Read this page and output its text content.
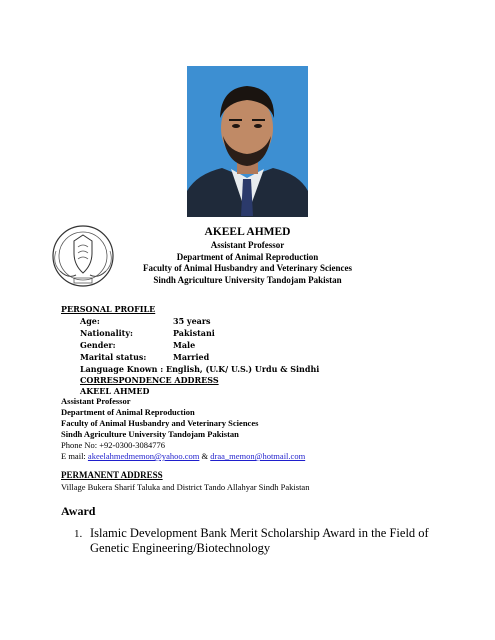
AKEEL AHMED
Assistant Professor
Department of Animal Reproduction
Faculty of Animal Husbandry and Veterinary Sciences
Sindh Agriculture University Tandojam Pakistan
PERSONAL PROFILE
Age:	35 years
Nationality:	Pakistani
Gender:	Male
Marital status:	Married
Language Known : English, (U.K/ U.S.) Urdu & Sindhi
CORRESPONDENCE ADDRESS
AKEEL AHMED
Assistant Professor
Department of Animal Reproduction
Faculty of Animal Husbandry and Veterinary Sciences
Sindh Agriculture University Tandojam Pakistan
Phone No: +92-0300-3084776
E mail: akeelahmedmemon@yahoo.com & draa_memon@hotmail.com
PERMANENT ADDRESS
Village Bukera Sharif Taluka and District Tando Allahyar Sindh Pakistan
Award
1. Islamic Development Bank Merit Scholarship Award in the Field of Genetic Engineering/Biotechnology
